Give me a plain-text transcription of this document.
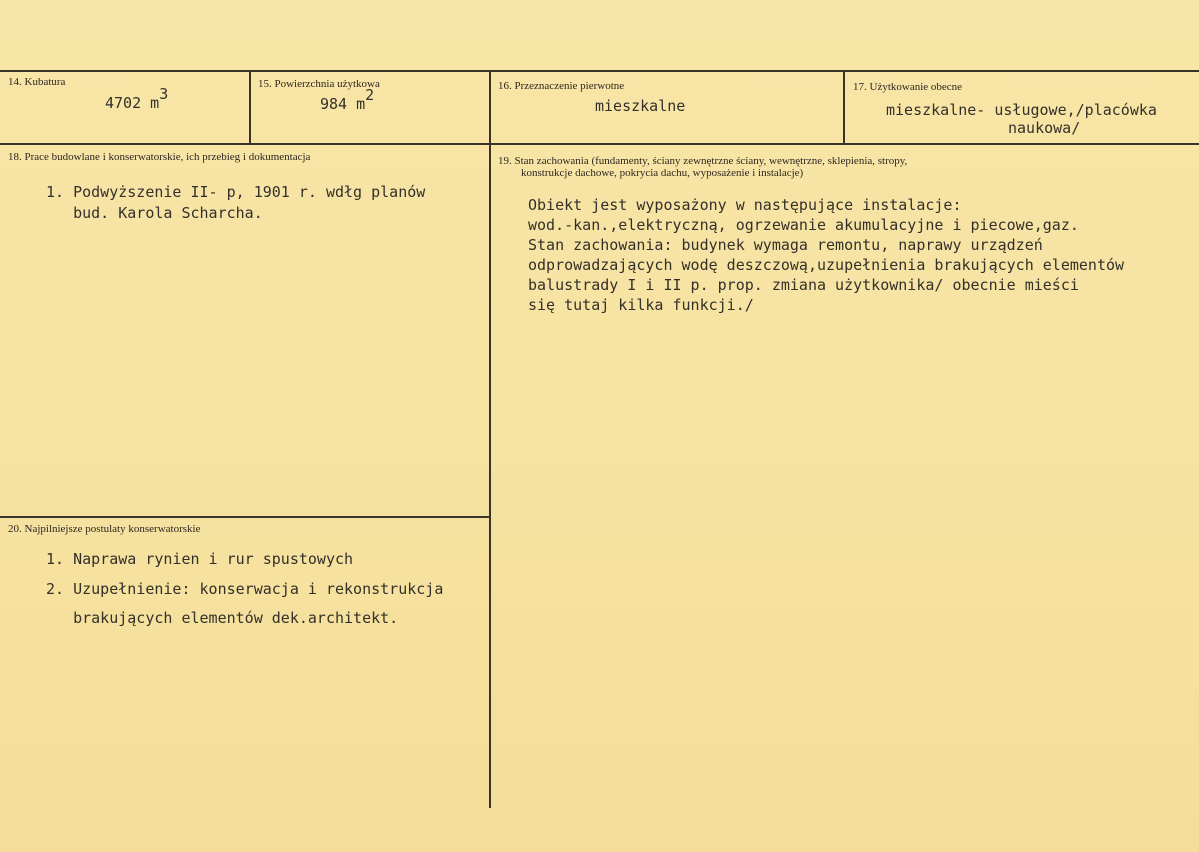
14. Kubatura
4702 m3
15. Powierzchnia użytkowa
984 m2	16. Przeznaczenie pierwotne
mieszkalne
17. Użytkowanie obecne
mieszkalne- usługowe,/placówka
naukowa/
18. Prace budowlane i konserwatorskie, ich przebieg i dokumentacja
1. Podwyższenie II- p, 1901 r. wdłg planów
bud. Karola Scharcha.
19. Stan zachowania (fundamenty, ściany zewnętrzne ściany, wewnętrzne, sklepienia, stropy,
konstrukcje dachowe, pokrycia dachu, wyposażenie i instalacje)
Obiekt jest wyposażony w następujące instalacje:
wod.-kan.,elektryczną, ogrzewanie akumulacyjne i piecowe,gaz.
Stan zachowania: budynek wymaga remontu, naprawy urządzeń
odprowadzających wodę deszczową,uzupełnienia brakujących elementów
balustrady I i II p. prop. zmiana użytkownika/ obecnie mieści
się tutaj kilka funkcji./
20. Najpilniejsze postulaty konserwatorskie
1. Naprawa rynien i rur spustowych
2. Uzupełnienie: konserwacja i rekonstrukcja
brakujących elementów dek.architekt.
